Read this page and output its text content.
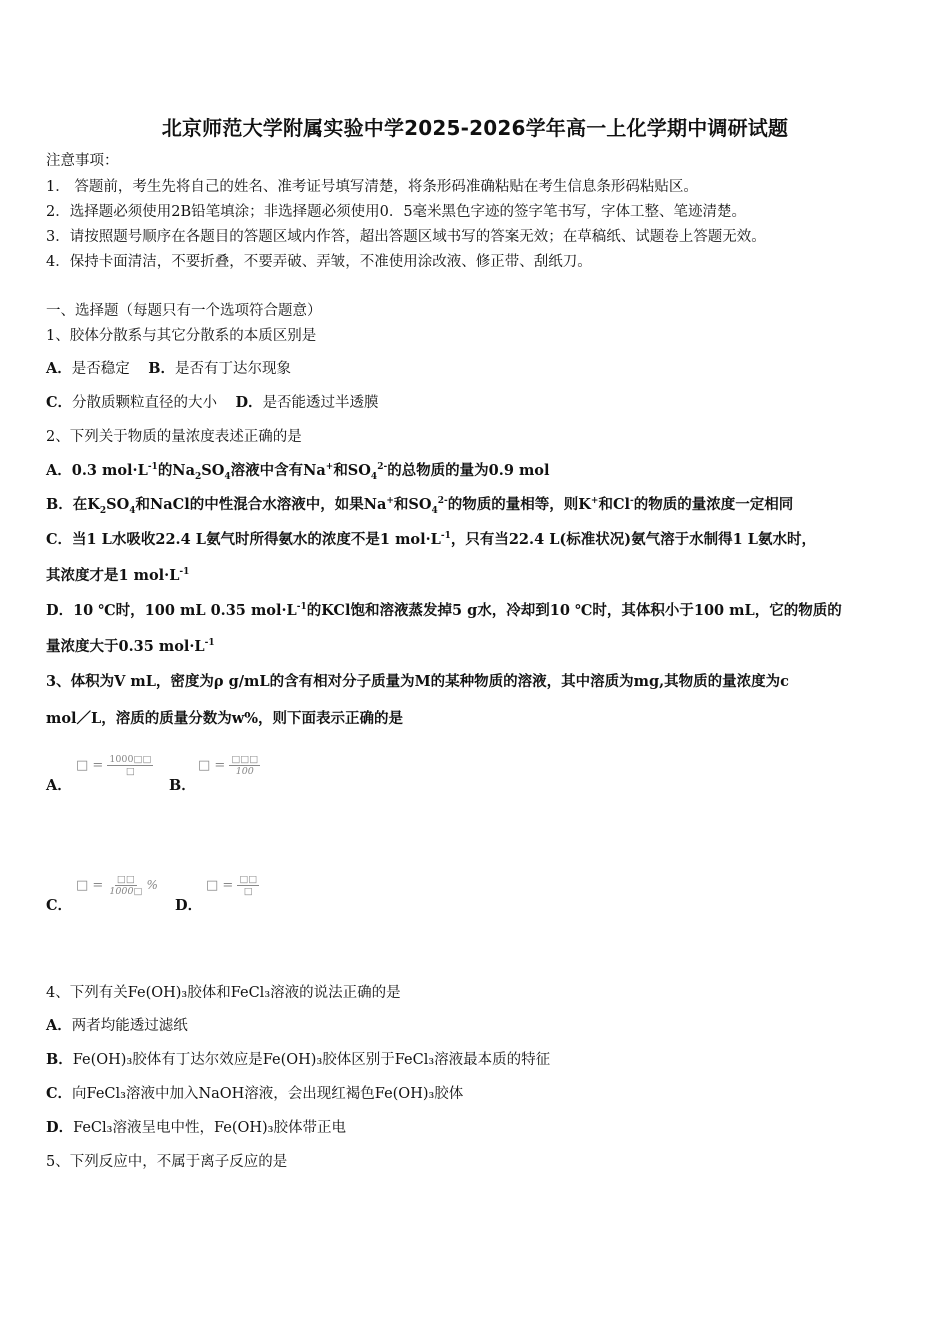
北京师范大学附属实验中学2025-2026学年高一上化学期中调研试题
注意事项：
1． 答题前，考生先将自己的姓名、准考证号填写清楚，将条形码准确粘贴在考生信息条形码粘贴区。
2．选择题必须使用2B铅笔填涂；非选择题必须使用0．5毫米黑色字迹的签字笔书写，字体工整、笔迹清楚。
3．请按照题号顺序在各题目的答题区域内作答，超出答题区域书写的答案无效；在草稿纸、试题卷上答题无效。
4．保持卡面清洁，不要折叠，不要弄破、弄皱，不准使用涂改液、修正带、刮纸刀。
一、选择题（每题只有一个选项符合题意）
1、胶体分散系与其它分散系的本质区别是
A．是否稳定 B．是否有丁达尔现象
C．分散质颗粒直径的大小 D．是否能透过半透膜
2、下列关于物质的量浓度表述正确的是
A．0.3 $mol\cdot L^{-1}$的$Na_2SO_4$溶液中含有Na+和$SO_4^{2-}$的总物质的量为0.9 mol
B．在$K_2SO_4$和NaCl的中性混合水溶液中，如果Na+和$SO_4^{2-}$的物质的量相等，则K+和Cl-的物质的量浓度一定相同
C．当1 L水吸收22.4 L氨气时所得氨水的浓度不是1 $mol\cdot L^{-1}$，只有当22.4 L(标准状况)氨气溶于水制得1 L氨水时，
其浓度才是1 $mol\cdot L^{-1}$
D．10 ℃时，100 mL 0.35 $mol\cdot L^{-1}$的KCl饱和溶液蒸发掉5 g水，冷却到10 ℃时，其体积小于100 mL，它的物质的
量浓度大于0.35 $mol\cdot L^{-1}$
3、体积为V mL，密度为ρ g/mL的含有相对分子质量为M的某种物质的溶液，其中溶质为mg,其物质的量浓度为c
mol／L，溶质的质量分数为w%，则下面表示正确的是
□ = $\frac{1000□□}{□}$
A．
□ = $\frac{□□□}{100}$
B．
□ = $\frac{□□}{1000□}$ %
C．
□ = $\frac{□□}{□}$
D．
4、下列有关Fe(OH)₃胶体和FeCl₃溶液的说法正确的是
A．两者均能透过滤纸
B．Fe(OH)₃胶体有丁达尔效应是Fe(OH)₃胶体区别于FeCl₃溶液最本质的特征
C．向FeCl₃溶液中加入NaOH溶液，会出现红褐色Fe(OH)₃胶体
D．FeCl₃溶液呈电中性，Fe(OH)₃胶体带正电
5、下列反应中，不属于离子反应的是
